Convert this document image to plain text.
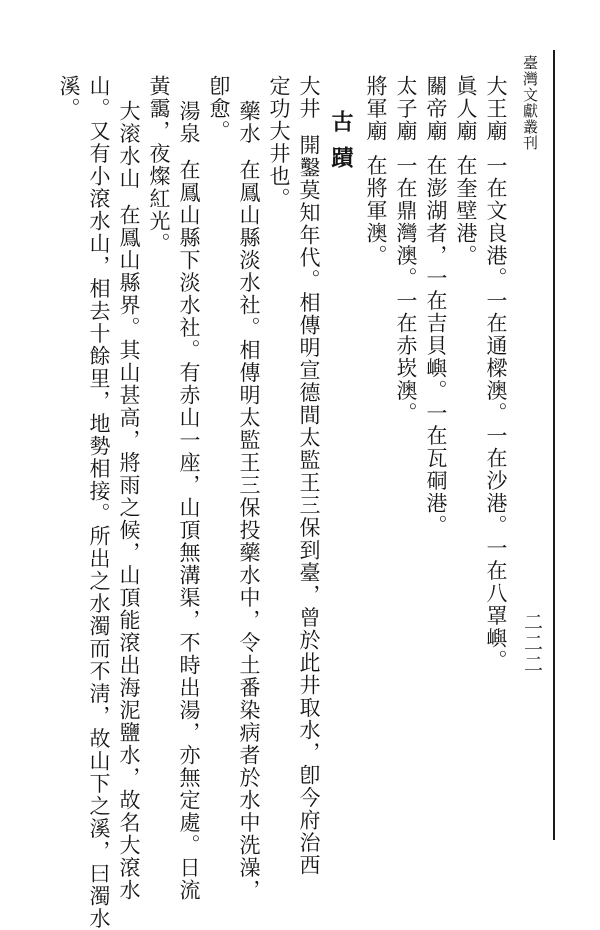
臺灣文獻叢刊
二二二
大王廟一在文良港。一在通樑澳。一在沙港。一在八罩嶼。
眞人廟在奎壁港。
關帝廟在澎湖者，一在吉貝嶼。一在瓦硐港。
太子廟一在鼎灣澳。一在赤崁澳。
將軍廟在將軍澳。
古蹟
大井開鑿莫知年代。相傳明宣德間太監王三保到臺，曾於此井取水，卽今府治西
定功大井也。
藥水在鳳山縣淡水社。相傳明太監王三保投藥水中，令土番染病者於水中洗澡，
卽愈。
湯泉在鳳山縣下淡水社。有赤山一座，山頂無溝渠，不時出湯，亦無定處。日流
黃靄，夜燦紅光。
大滚水山在鳳山縣界。其山甚高，將雨之候，山頂能滾出海泥鹽水，故名大滾水
山。又有小滾水山，相去十餘里，地勢相接。所出之水濁而不淸，故山下之溪，曰濁水
溪。
